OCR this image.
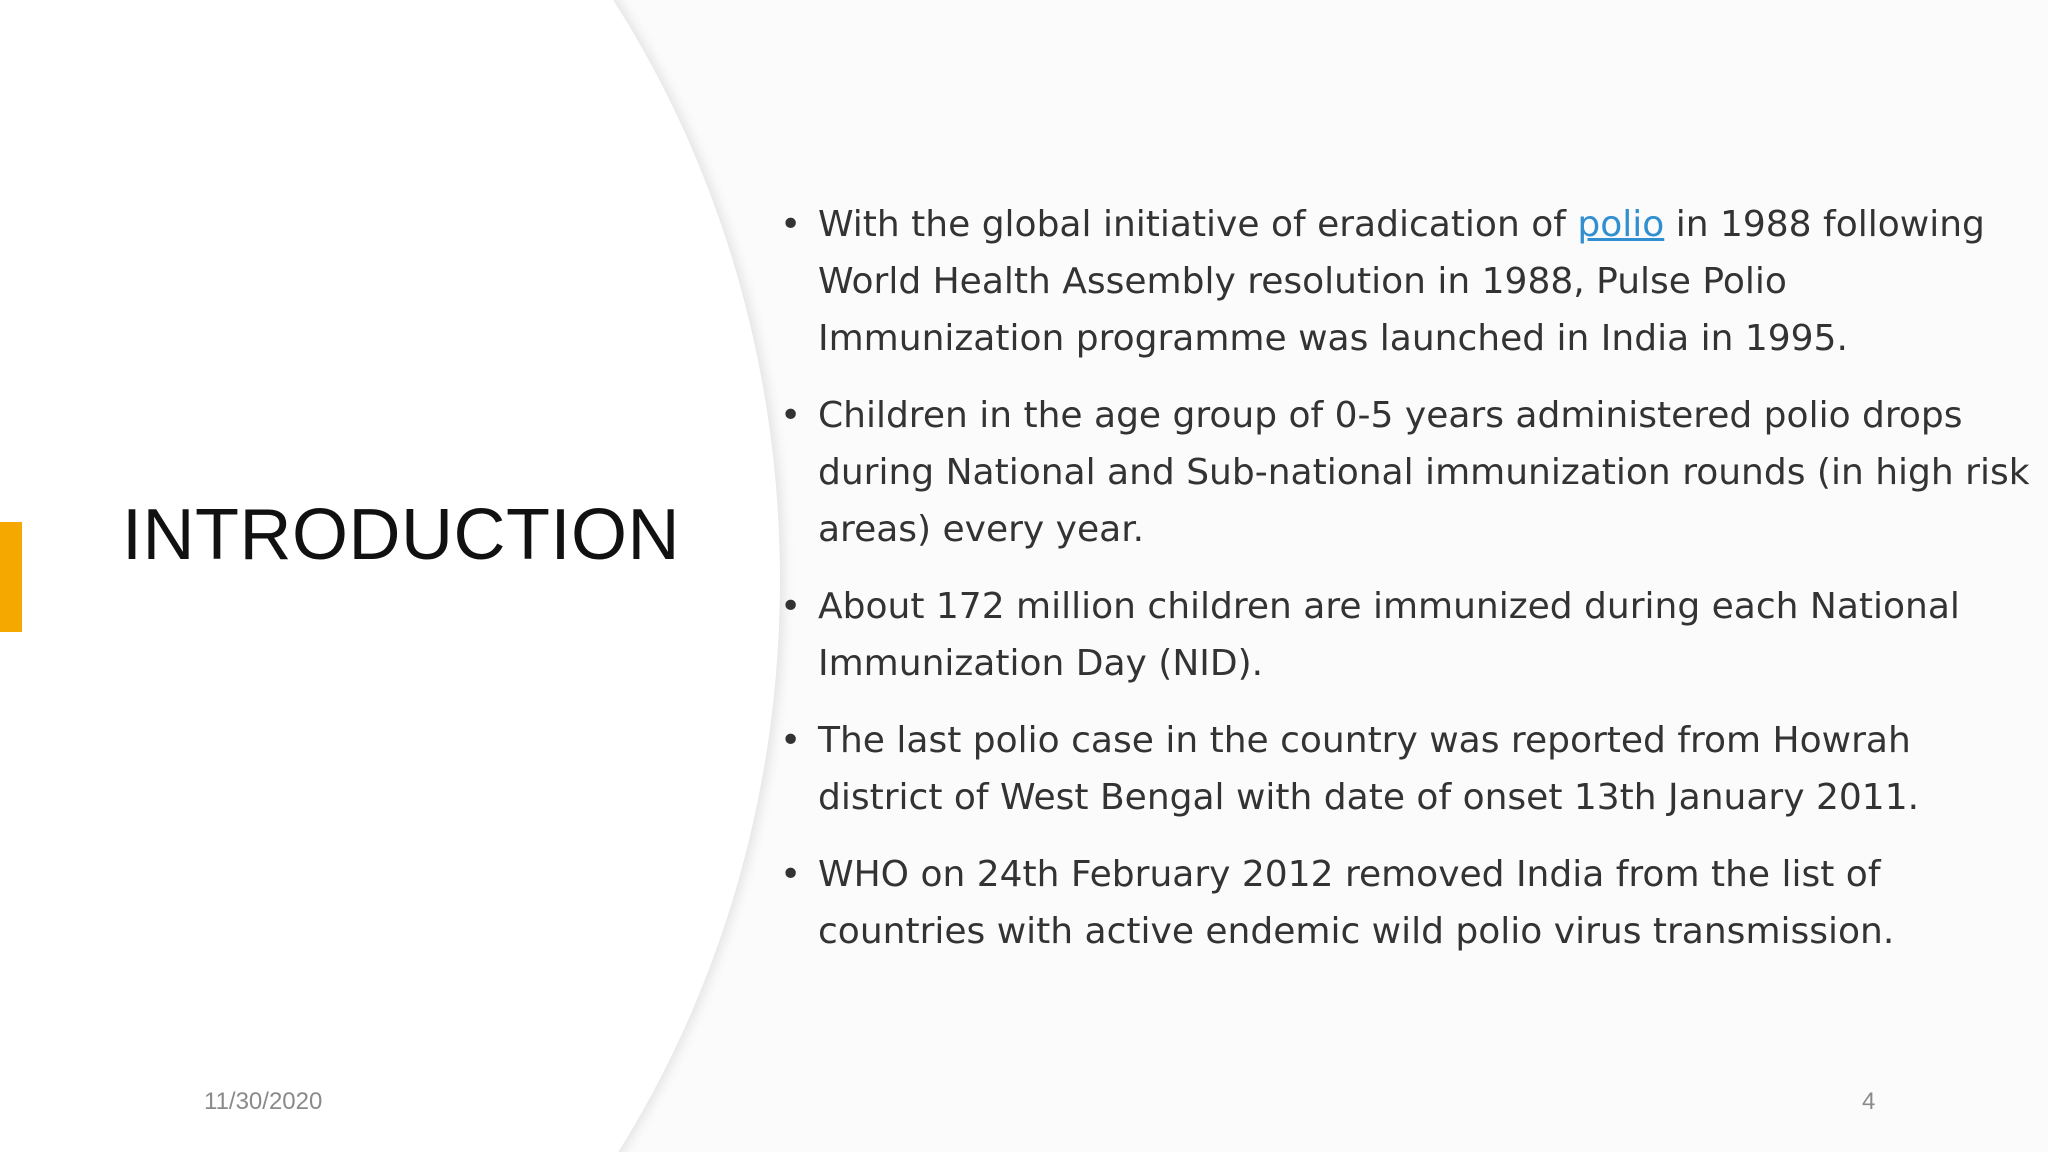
INTRODUCTION
• With the global initiative of eradication of polio in 1988 following World Health Assembly resolution in 1988, Pulse Polio Immunization programme was launched in India in 1995.
• Children in the age group of 0-5 years administered polio drops during National and Sub-national immunization rounds (in high risk areas) every year.
• About 172 million children are immunized during each National Immunization Day (NID).
• The last polio case in the country was reported from Howrah district of West Bengal with date of onset 13th January 2011.
• WHO on 24th February 2012 removed India from the list of countries with active endemic wild polio virus transmission.
11/30/2020	4
